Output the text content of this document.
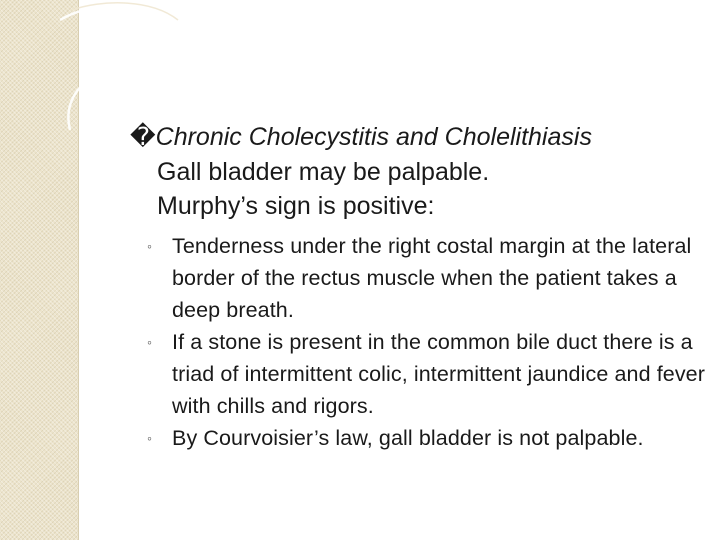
�Chronic Cholecystitis and Cholelithiasis
Gall bladder may be palpable.
Murphy’s sign is positive:
◦ Tenderness under the right costal margin at the lateral border of the rectus muscle when the patient takes a deep breath.
◦ If a stone is present in the common bile duct there is a triad of intermittent colic, intermittent jaundice and fever with chills and rigors.
◦ By Courvoisier’s law, gall bladder is not palpable.
